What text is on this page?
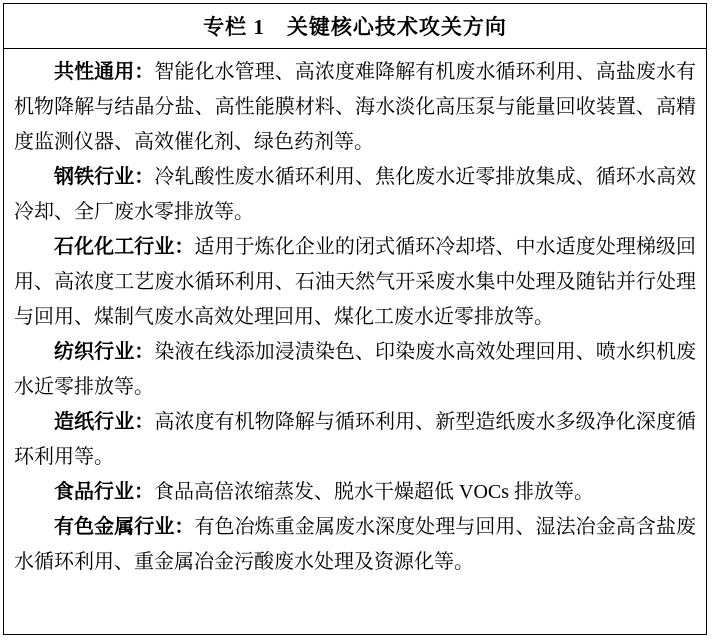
专栏 1　关键核心技术攻关方向

共性通用：智能化水管理、高浓度难降解有机废水循环利用、高盐废水有机物降解与结晶分盐、高性能膜材料、海水淡化高压泵与能量回收装置、高精度监测仪器、高效催化剂、绿色药剂等。

钢铁行业：冷轧酸性废水循环利用、焦化废水近零排放集成、循环水高效冷却、全厂废水零排放等。

石化化工行业：适用于炼化企业的闭式循环冷却塔、中水适度处理梯级回用、高浓度工艺废水循环利用、石油天然气开采废水集中处理及随钻并行处理与回用、煤制气废水高效处理回用、煤化工废水近零排放等。

纺织行业：染液在线添加浸渍染色、印染废水高效处理回用、喷水织机废水近零排放等。

造纸行业：高浓度有机物降解与循环利用、新型造纸废水多级净化深度循环利用等。

食品行业：食品高倍浓缩蒸发、脱水干燥超低 VOCs 排放等。

有色金属行业：有色冶炼重金属废水深度处理与回用、湿法冶金高含盐废水循环利用、重金属冶金污酸废水处理及资源化等。
